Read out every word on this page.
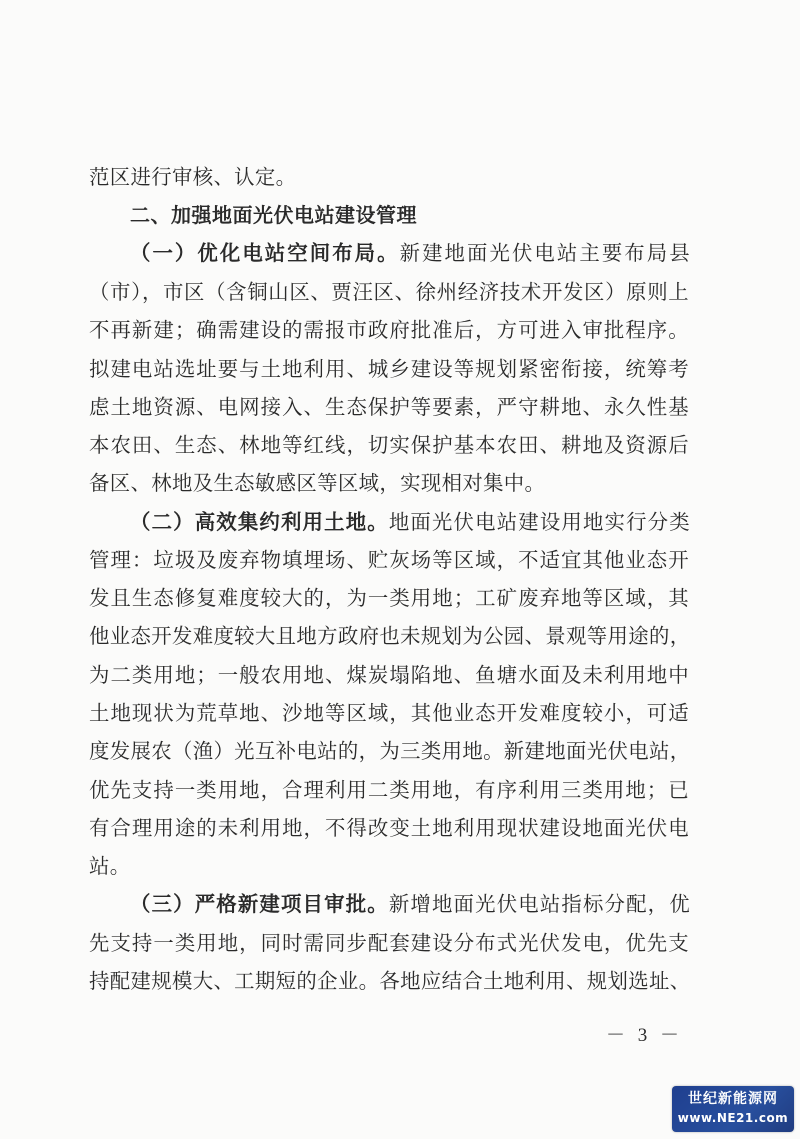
范区进行审核、认定。
二、加强地面光伏电站建设管理
（一）优化电站空间布局。新建地面光伏电站主要布局县
（市），市区（含铜山区、贾汪区、徐州经济技术开发区）原则上
不再新建；确需建设的需报市政府批准后，方可进入审批程序。
拟建电站选址要与土地利用、城乡建设等规划紧密衔接，统筹考
虑土地资源、电网接入、生态保护等要素，严守耕地、永久性基
本农田、生态、林地等红线，切实保护基本农田、耕地及资源后
备区、林地及生态敏感区等区域，实现相对集中。
（二）高效集约利用土地。地面光伏电站建设用地实行分类
管理：垃圾及废弃物填埋场、贮灰场等区域，不适宜其他业态开
发且生态修复难度较大的，为一类用地；工矿废弃地等区域，其
他业态开发难度较大且地方政府也未规划为公园、景观等用途的，
为二类用地；一般农用地、煤炭塌陷地、鱼塘水面及未利用地中
土地现状为荒草地、沙地等区域，其他业态开发难度较小，可适
度发展农（渔）光互补电站的，为三类用地。新建地面光伏电站，
优先支持一类用地，合理利用二类用地，有序利用三类用地；已
有合理用途的未利用地，不得改变土地利用现状建设地面光伏电
站。
（三）严格新建项目审批。新增地面光伏电站指标分配，优
先支持一类用地，同时需同步配套建设分布式光伏发电，优先支
持配建规模大、工期短的企业。各地应结合土地利用、规划选址、
－ 3 －
世纪新能源网
www.NE21.com
